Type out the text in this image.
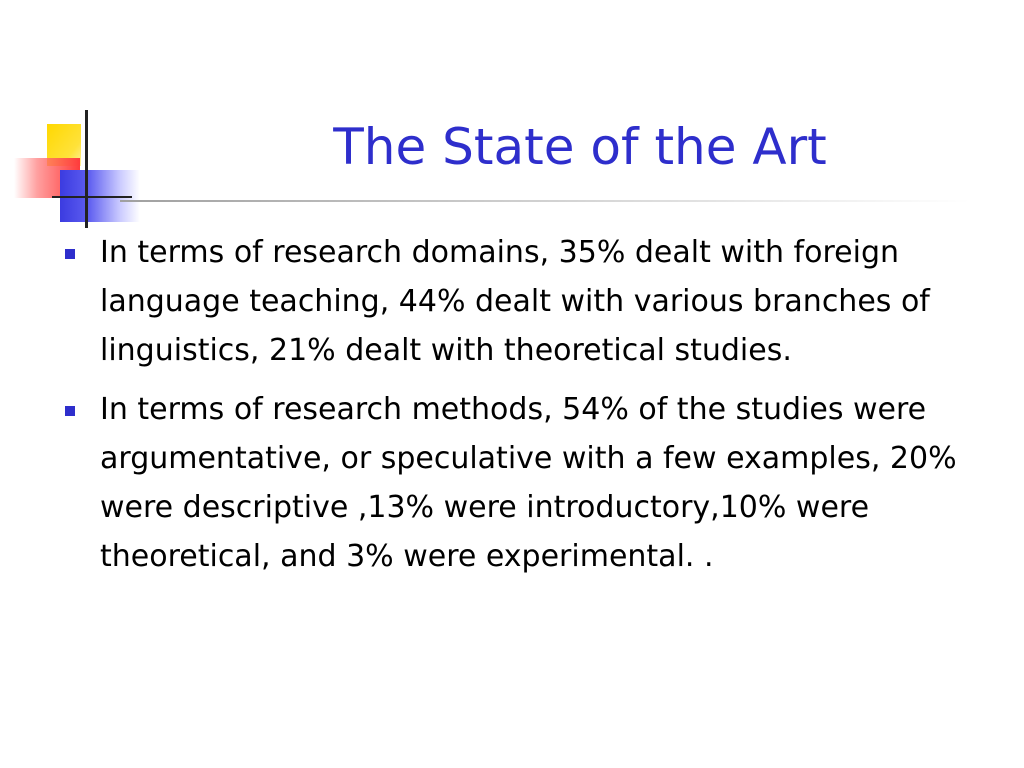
The State of the Art
In terms of research domains, 35% dealt with foreign language teaching, 44% dealt with various branches of linguistics, 21% dealt with theoretical studies.
In terms of research methods, 54% of the studies were argumentative, or speculative with a few examples, 20% were descriptive ,13% were introductory,10% were theoretical, and 3% were experimental. .
